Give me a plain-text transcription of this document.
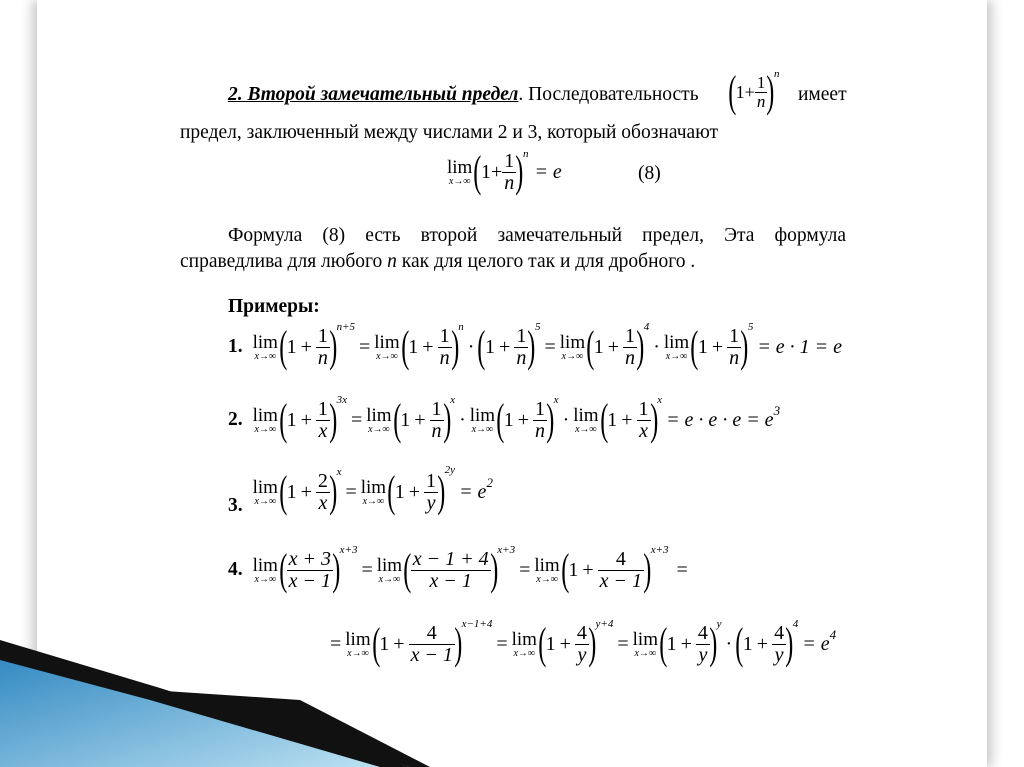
2. Второй замечательный предел. Последовательность ( $1+ \frac{1}{n}$ ) n
имеет
предел, заключенный между числами 2 и 3, который обозначают
lim
x→∞ ( $1+ \frac{1}{n}$ ) n
= e	(8)
Формула (8) есть второй замечательный предел, Эта формула
справедлива для любого n как для целого так и для дробного .
Примеры:
1. lim
x→∞ ( $1 + \frac{1}{n}$ ) n+5
= lim
x→∞ ( $1 + \frac{1}{n}$ ) n
· ( $1 + \frac{1}{n}$ ) 5
= lim
x→∞ ( $1 + \frac{1}{n}$ ) 4
· lim
x→∞ ( $1 + \frac{1}{n}$ ) 5
= e · 1 = e
2. lim
x→∞ ( $1 + \frac{1}{x}$ ) 3x
= lim
x→∞ ( $1 + \frac{1}{n}$ ) x
· lim
x→∞ ( $1 + \frac{1}{n}$ ) x
· lim
x→∞ ( $1 + \frac{1}{x}$ ) x
= $e \cdot e \cdot e = e^3$
3.
lim
x→∞ ( $1 + \frac{2}{x}$ ) x
= lim
x→∞ ( $1 + \frac{1}{y}$ ) 2y
= $e^2$
4. lim
x→∞ ( $\frac{x + 3}{x - 1}$ ) x+3
= lim
x→∞ ( $\frac{x - 1 + 4}{x - 1}$ ) x+3
= lim
x→∞ ( $1 + \frac{4}{x - 1}$ ) x+3
=
= lim
x→∞ ( $1 + \frac{4}{x - 1}$ ) x−1+4
= lim
x→∞ ( $1 + \frac{4}{y}$ ) y+4
= lim
x→∞ ( $1 + \frac{4}{y}$ ) y
· ( $1 + \frac{4}{y}$ ) 4
= $e^4$
